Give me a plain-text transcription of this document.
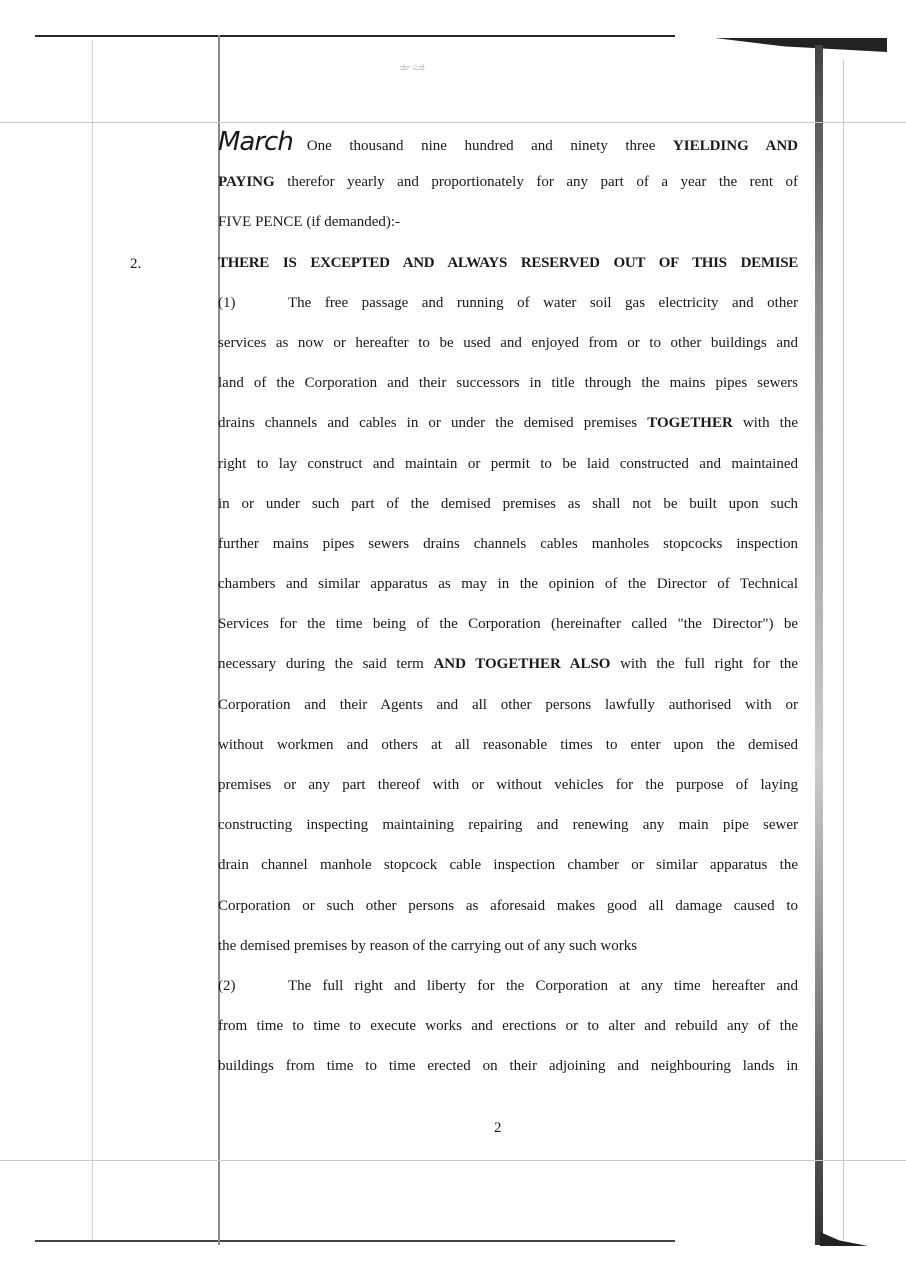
ರ್ಜಿ ಎಜಿ
2.
March One thousand nine hundred and ninety three YIELDING AND
PAYING therefor yearly and proportionately for any part of a year the rent of
FIVE PENCE (if demanded):-
THERE IS EXCEPTED AND ALWAYS RESERVED OUT OF THIS DEMISE
(1)	The free passage and running of water soil gas electricity and other
services as now or hereafter to be used and enjoyed from or to other buildings and
land of the Corporation and their successors in title through the mains pipes sewers
drains channels and cables in or under the demised premises TOGETHER with the
right to lay construct and maintain or permit to be laid constructed and maintained
in or under such part of the demised premises as shall not be built upon such
further mains pipes sewers drains channels cables manholes stopcocks inspection
chambers and similar apparatus as may in the opinion of the Director of Technical
Services for the time being of the Corporation (hereinafter called "the Director") be
necessary during the said term AND TOGETHER ALSO with the full right for the
Corporation and their Agents and all other persons lawfully authorised with or
without workmen and others at all reasonable times to enter upon the demised
premises or any part thereof with or without vehicles for the purpose of laying
constructing inspecting maintaining repairing and renewing any main pipe sewer
drain channel manhole stopcock cable inspection chamber or similar apparatus the
Corporation or such other persons as aforesaid makes good all damage caused to
the demised premises by reason of the carrying out of any such works
(2)	The full right and liberty for the Corporation at any time hereafter and
from time to time to execute works and erections or to alter and rebuild any of the
buildings from time to time erected on their adjoining and neighbouring lands in
2
